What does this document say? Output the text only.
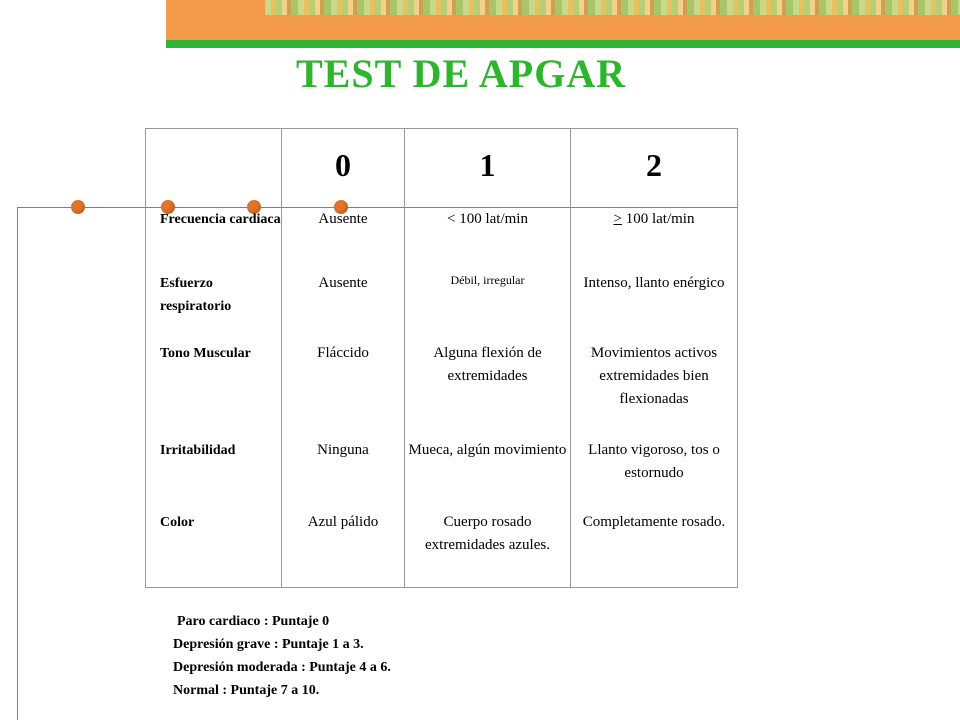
TEST DE APGAR
	0	1	2
Frecuencia cardiaca	Ausente	< 100 lat/min	≥ 100 lat/min
Esfuerzo respiratorio	Ausente	Débil, irregular	Intenso, llanto enérgico
Tono Muscular	Fláccido	Alguna flexión de extremidades	Movimientos activos extremidades bien flexionadas
Irritabilidad	Ninguna	Mueca, algún movimiento	Llanto vigoroso, tos o estornudo
Color	Azul pálido	Cuerpo rosado extremidades azules.	Completamente rosado.
Paro cardiaco : Puntaje 0
Depresión grave : Puntaje 1 a 3.
Depresión moderada : Puntaje 4 a 6.
Normal : Puntaje 7 a 10.
